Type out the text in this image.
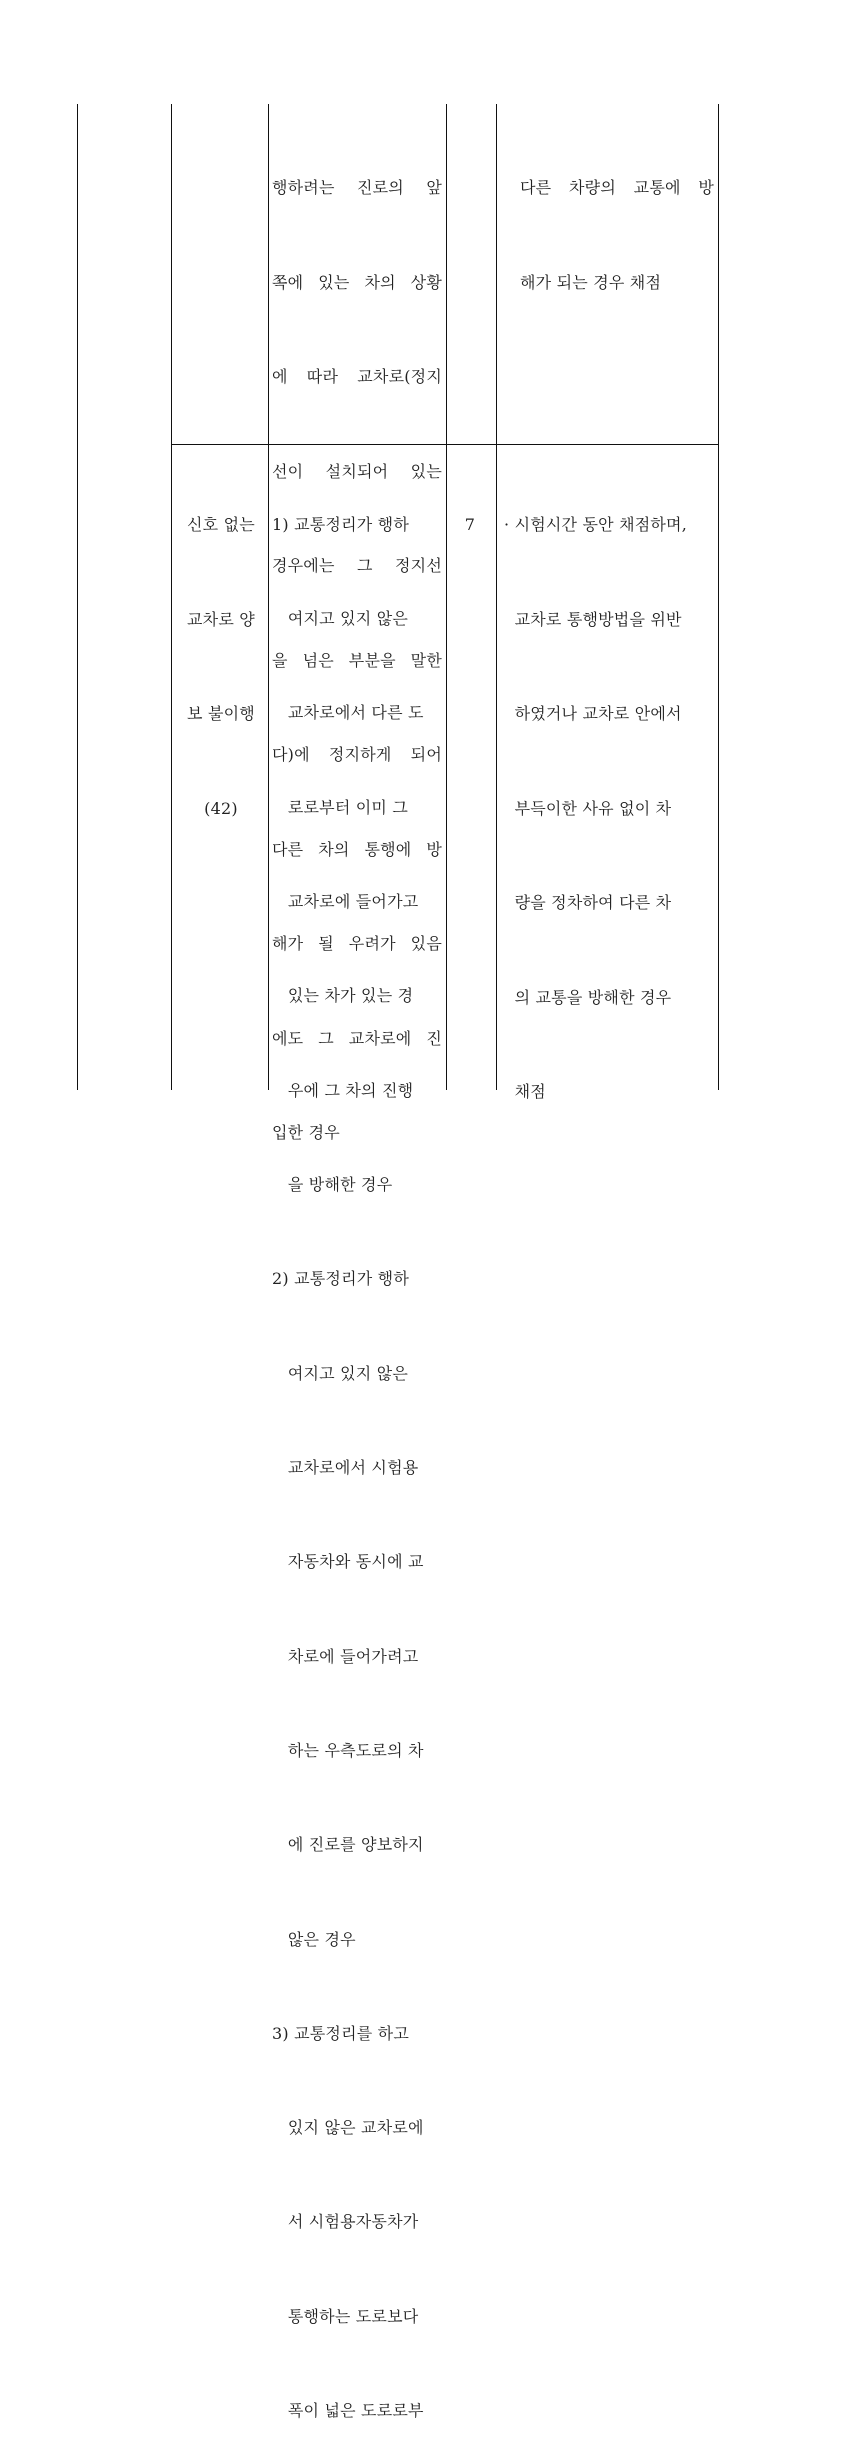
행하려는 진로의 앞

쪽에 있는 차의 상황

에 따라 교차로(정지

선이 설치되어 있는

경우에는 그 정지선

을 넘은 부분을 말한

다)에 정지하게 되어

다른 차의 통행에 방

해가 될 우려가 있음

에도 그 교차로에 진

입한 경우

다른 차량의 교통에 방

해가 되는 경우 채점

신호 없는

교차로 양

보 불이행

(42)

7

1) 교통정리가 행하

여지고 있지 않은

교차로에서 다른 도

로로부터 이미 그

교차로에 들어가고

있는 차가 있는 경

우에 그 차의 진행

을 방해한 경우

2) 교통정리가 행하

여지고 있지 않은

교차로에서 시험용

자동차와 동시에 교

차로에 들어가려고

하는 우측도로의 차

에 진로를 양보하지

않은 경우

3) 교통정리를 하고

있지 않은 교차로에

서 시험용자동차가

통행하는 도로보다

폭이 넓은 도로로부

· 시험시간 동안 채점하며,

교차로 통행방법을 위반

하였거나 교차로 안에서

부득이한 사유 없이 차

량을 정차하여 다른 차

의 교통을 방해한 경우

채점
